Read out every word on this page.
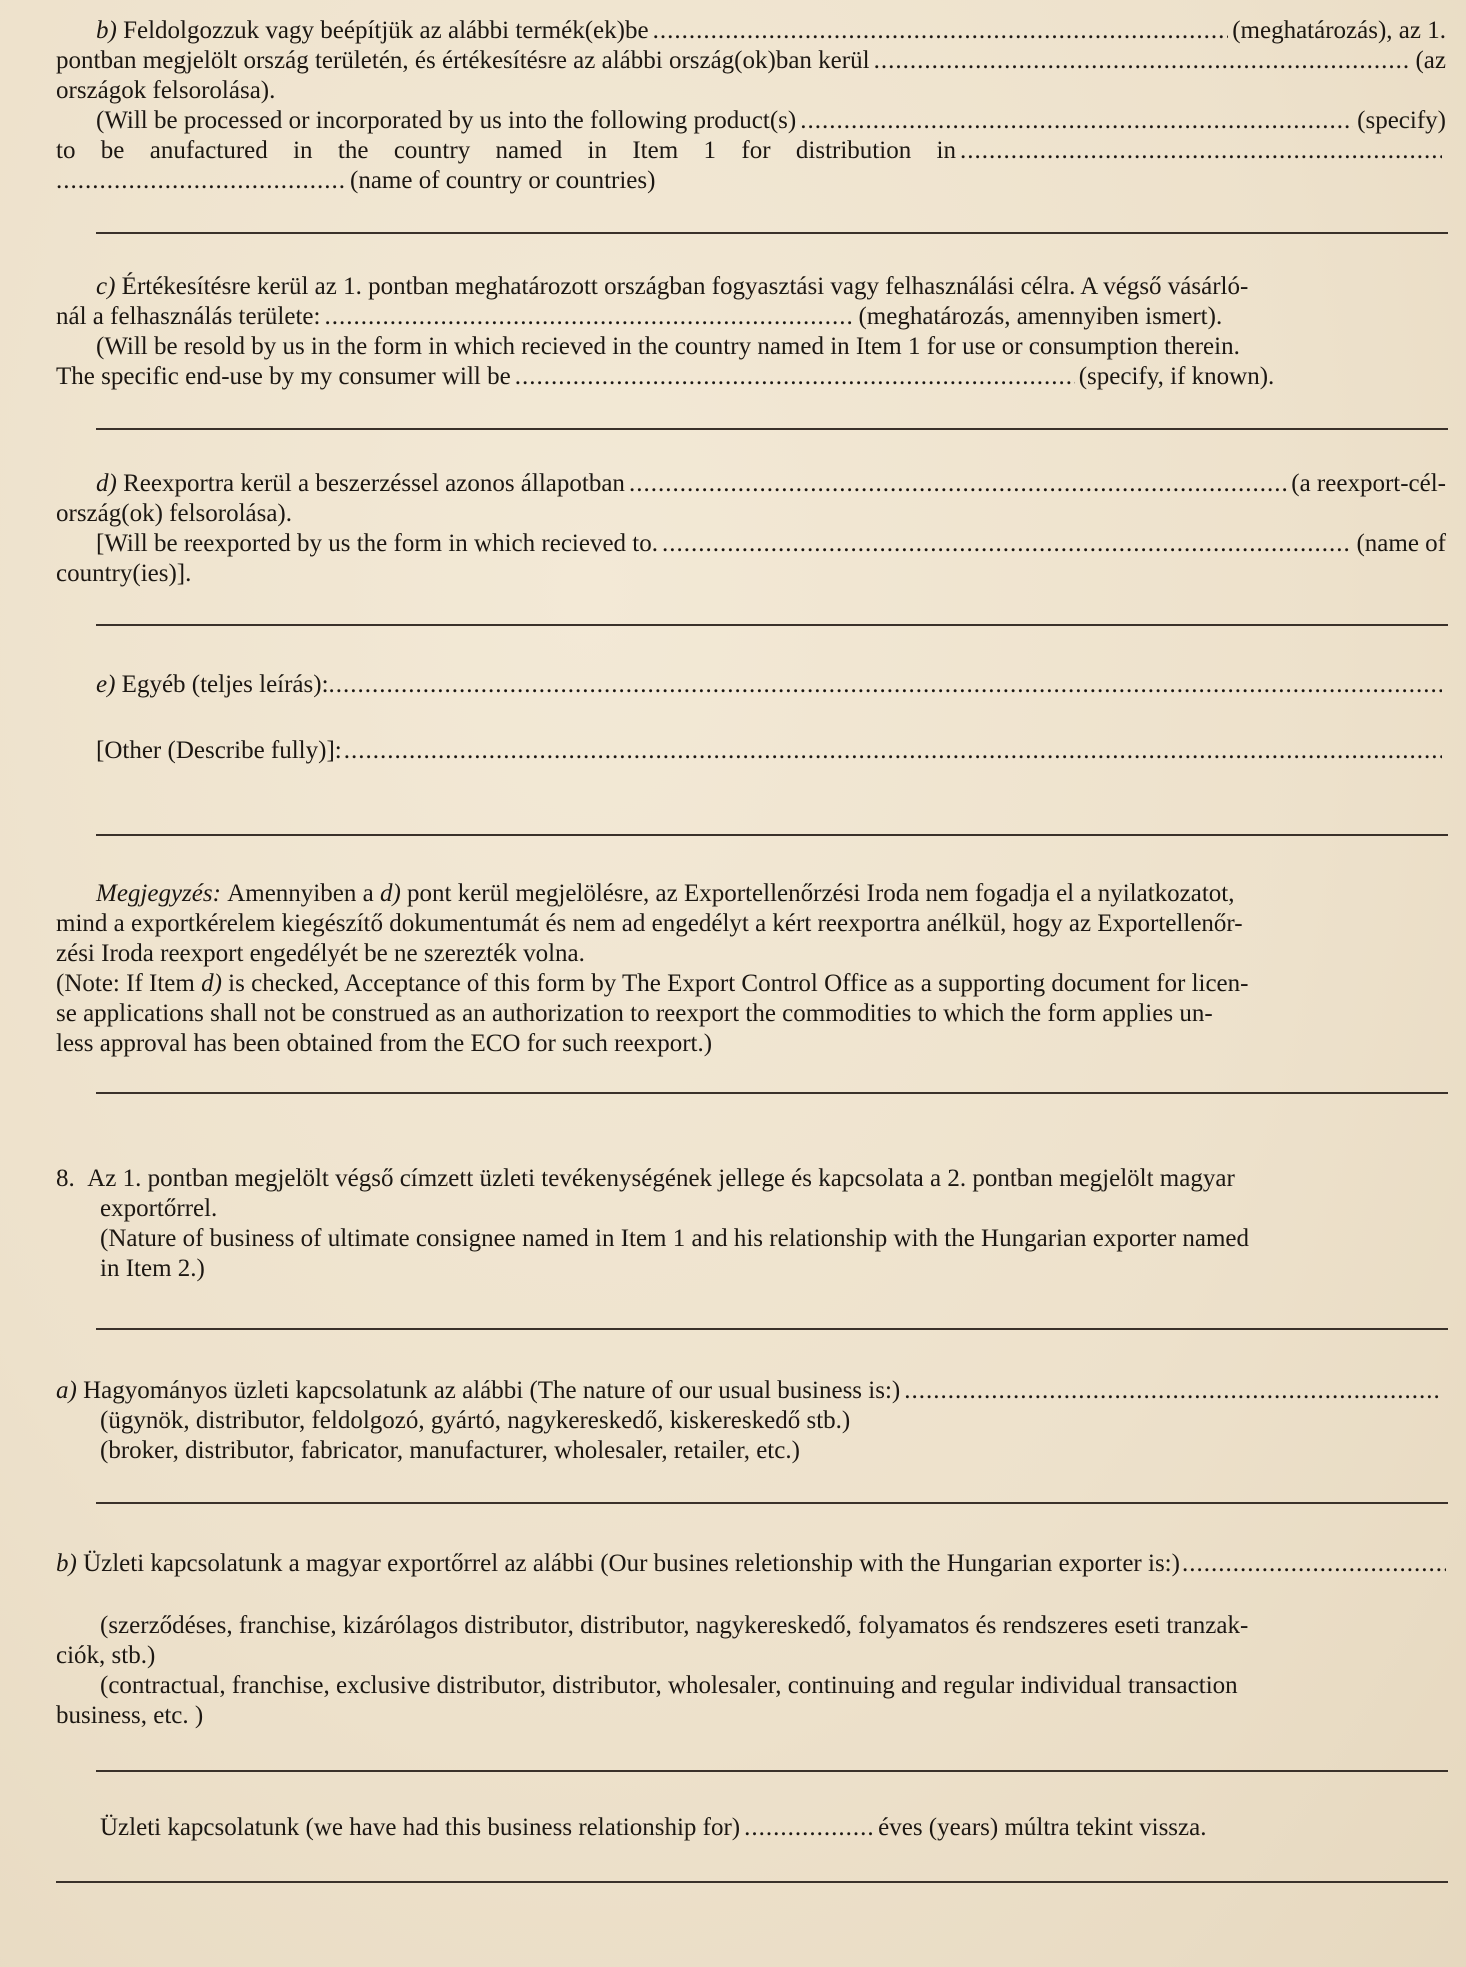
b)
Feldolgozzuk vagy beépítjük az alábbi termék(ek)be .....	(meghatározás), az 1.
pontban megjelölt ország területén, és értékesítésre az alábbi ország(ok)ban kerül .....	(az
országok felsorolása).
(Will be processed or incorporated by us into the following product(s) .....	(specify)
to be anufactured in the country named in Item 1 for distribution in
.....
.....
(name of country or countries)
c)
Értékesítésre kerül az 1. pontban meghatározott országban fogyasztási vagy felhasználási célra. A végső vásárló-
nál a felhasználás területe: .....	(meghatározás, amennyiben ismert).
(Will be resold by us in the form in which recieved in the country named in Item 1 for use or consumption therein.
The specific end-use by my consumer will be .....	(specify, if known).
d)
Reexportra kerül a beszerzéssel azonos állapotban .....	(a reexport-cél-
ország(ok) felsorolása).
[Will be reexported by us the form in which recieved to. .....	(name of
country(ies)].
e)
Egyéb (teljes leírás):
.....
.....
[Other (Describe fully)]:
.....
.....
Megjegyzés:
Amennyiben a
d)
pont kerül megjelölésre, az Exportellenőrzési Iroda nem fogadja el a nyilatkozatot,
mind a exportkérelem kiegészítő dokumentumát és nem ad engedélyt a kért reexportra anélkül, hogy az Exportellenőr-
zési Iroda reexport engedélyét be ne szerezték volna.
(Note: If Item
d)
is checked, Acceptance of this form by The Export Control Office as a supporting document for licen-
se applications shall not be construed as an authorization to reexport the commodities to which the form applies un-
less approval has been obtained from the ECO for such reexport.)
8.
Az 1. pontban megjelölt végső címzett üzleti tevékenységének jellege és kapcsolata a 2. pontban megjelölt magyar
exportőrrel.
(Nature of business of ultimate consignee named in Item 1 and his relationship with the Hungarian exporter named
in Item 2.)
a)
Hagyományos üzleti kapcsolatunk az alábbi (The nature of our usual business is:)
.....
(ügynök, distributor, feldolgozó, gyártó, nagykereskedő, kiskereskedő stb.)
(broker, distributor, fabricator, manufacturer, wholesaler, retailer, etc.)
b)
Üzleti kapcsolatunk a magyar exportőrrel az alábbi (Our busines reletionship with the Hungarian exporter is:)
.....
.....
(szerződéses, franchise, kizárólagos distributor, distributor, nagykereskedő, folyamatos és rendszeres eseti tranzak-
ciók, stb.)
(contractual, franchise, exclusive distributor, distributor, wholesaler, continuing and regular individual transaction
business, etc. )
Üzleti kapcsolatunk (we have had this business relationship for) .....	éves (years) múltra tekint vissza.
